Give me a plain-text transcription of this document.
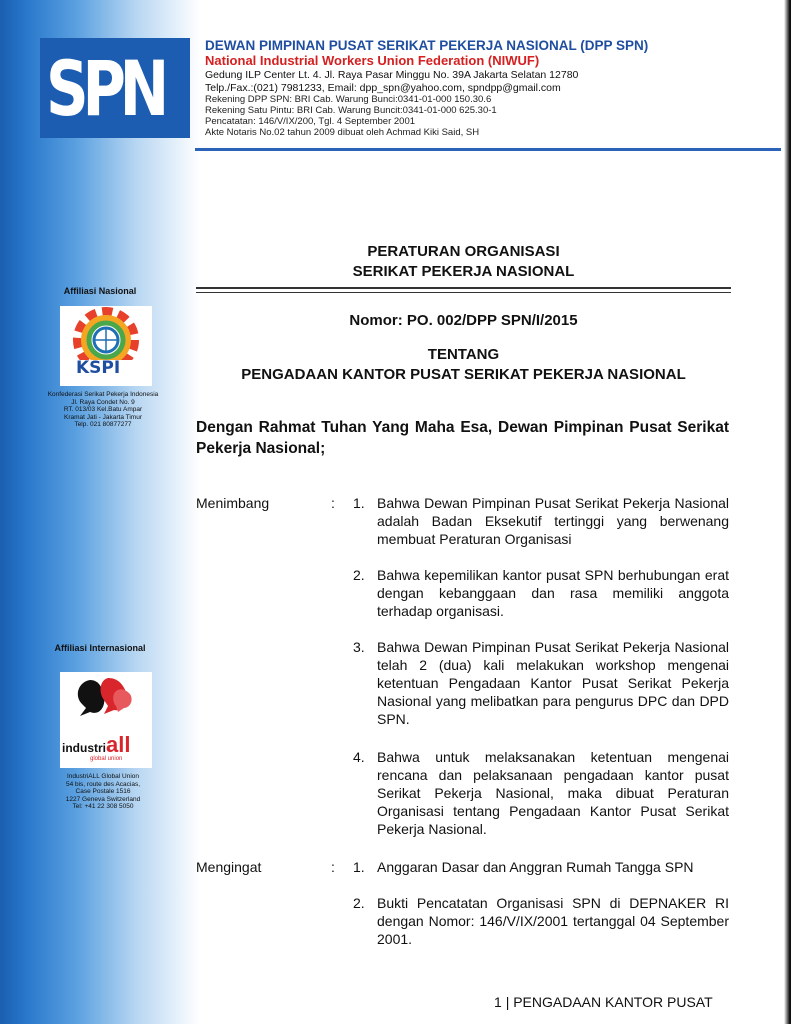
SPN	DEWAN PIMPINAN PUSAT SERIKAT PEKERJA NASIONAL (DPP SPN)
National Industrial Workers Union Federation (NIWUF)
Gedung ILP Center Lt. 4. Jl. Raya Pasar Minggu No. 39A Jakarta Selatan 12780
Telp./Fax.:(021) 7981233, Email: dpp_spn@yahoo.com, spndpp@gmail.com
Rekening DPP SPN: BRI Cab. Warung Bunci:0341-01-000 150.30.6
Rekening Satu Pintu: BRI Cab. Warung Buncit:0341-01-000 625.30-1
Pencatatan: 146/V/IX/200, Tgl. 4 September 2001
Akte Notaris No.02 tahun 2009 dibuat oleh Achmad Kiki Said, SH
Affiliasi Nasional
KSPI
Konfederasi Serikat Pekerja Indonesia
Jl. Raya Condet No. 9
RT. 013/03 Kel.Batu Ampar
Kramat Jati - Jakarta Timur
Telp. 021 80877277
Affiliasi Internasional
industriall
global union
IndustriALL Global Union
54 bis, route des Acacias,
Case Postale 1516
1227 Geneva Switzerland
Tel: +41 22 308 5050
PERATURAN ORGANISASI
SERIKAT PEKERJA NASIONAL
Nomor: PO. 002/DPP SPN/I/2015
TENTANG
PENGADAAN KANTOR PUSAT SERIKAT PEKERJA NASIONAL
Dengan Rahmat Tuhan Yang Maha Esa, Dewan Pimpinan Pusat Serikat Pekerja Nasional;
Menimbang	: 1. Bahwa Dewan Pimpinan Pusat Serikat Pekerja Nasional adalah Badan Eksekutif tertinggi yang berwenang membuat Peraturan Organisasi
2. Bahwa kepemilikan kantor pusat SPN berhubungan erat dengan kebanggaan dan rasa memiliki anggota terhadap organisasi.
3. Bahwa Dewan Pimpinan Pusat Serikat Pekerja Nasional telah 2 (dua) kali melakukan workshop mengenai ketentuan Pengadaan Kantor Pusat Serikat Pekerja Nasional yang melibatkan para pengurus DPC dan DPD SPN.
4. Bahwa untuk melaksanakan ketentuan mengenai rencana dan pelaksanaan pengadaan kantor pusat Serikat Pekerja Nasional, maka dibuat Peraturan Organisasi tentang Pengadaan Kantor Pusat Serikat Pekerja Nasional.
Mengingat	: 1. Anggaran Dasar dan Anggran Rumah Tangga SPN
2. Bukti Pencatatan Organisasi SPN di DEPNAKER RI dengan Nomor: 146/V/IX/2001 tertanggal 04 September 2001.
1 | PENGADAAN KANTOR PUSAT
